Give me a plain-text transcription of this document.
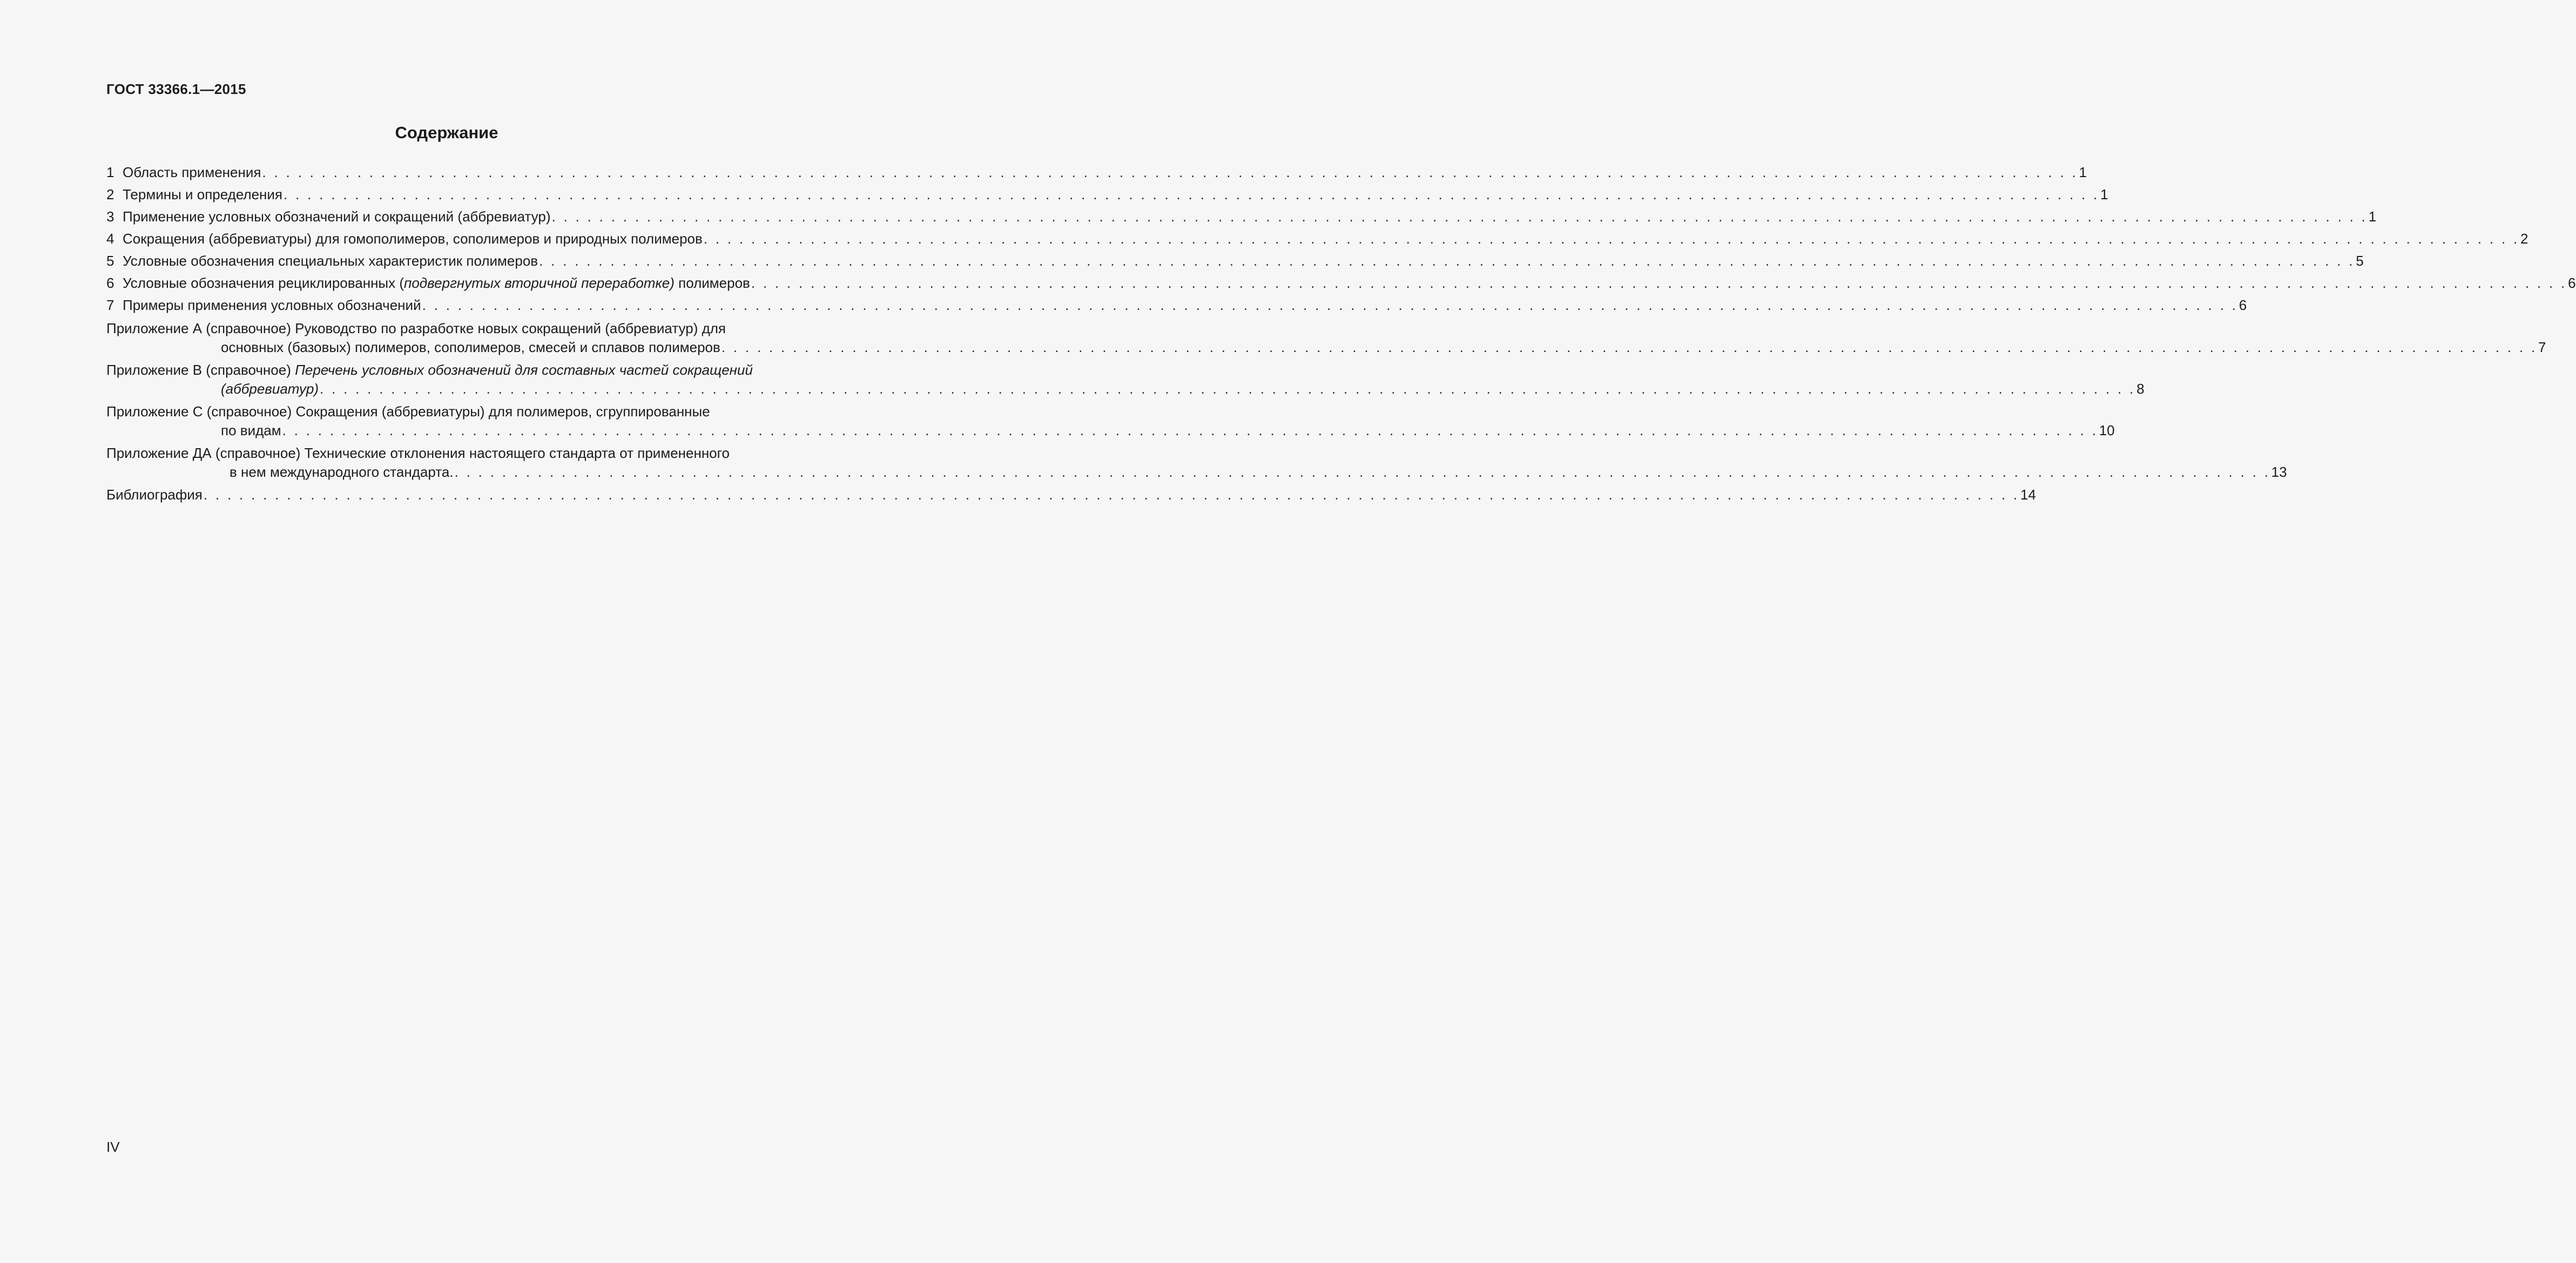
ГОСТ 33366.1—2015
Содержание
1 Область применения . . . . . . . . . . . . . . . . . . . . . . . . . . . . . . . . . . . . . . . . . . . . . . . . . . . . . . . . . . . . . . . . . . . . . . . . . . . . . . . . . . . . . . . . . . . . . . . . . . . . . . . . . . . . . . . . . . . . . . . . . . . . . . . . . . . . . . . . . . . . . . . . . . . . . . . . . 1
2 Термины и определения . . . . . . . . . . . . . . . . . . . . . . . . . . . . . . . . . . . . . . . . . . . . . . . . . . . . . . . . . . . . . . . . . . . . . . . . . . . . . . . . . . . . . . . . . . . . . . . . . . . . . . . . . . . . . . . . . . . . . . . . . . . . . . . . . . . . . . . . . . . . . . . . . . . . . . . . . 1
3 Применение условных обозначений и сокращений (аббревиатур) . . . . . . . . . . . . . . . . . . . . . . . . . . . . . . . . . . . . . . . . . . . . . . . . . . . . . . . . . . . . . . . . . . . . . . . . . . . . . . . . . . . . . . . . . . . . . . . . . . . . . . . . . . . . . . . . . . . . . . . . . . . . . . . . . . . . . . . . . . . . . . . . . . . . . . . . . 1
4 Сокращения (аббревиатуры) для гомополимеров, сополимеров и природных полимеров . . . . . . . . . . . . . . . . . . . . . . . . . . . . . . . . . . . . . . . . . . . . . . . . . . . . . . . . . . . . . . . . . . . . . . . . . . . . . . . . . . . . . . . . . . . . . . . . . . . . . . . . . . . . . . . . . . . . . . . . . . . . . . . . . . . . . . . . . . . . . . . . . . . . . . . . . 2
5 Условные обозначения специальных характеристик полимеров . . . . . . . . . . . . . . . . . . . . . . . . . . . . . . . . . . . . . . . . . . . . . . . . . . . . . . . . . . . . . . . . . . . . . . . . . . . . . . . . . . . . . . . . . . . . . . . . . . . . . . . . . . . . . . . . . . . . . . . . . . . . . . . . . . . . . . . . . . . . . . . . . . . . . . . . . 5
6 Условные обозначения рециклированных (подвергнутых вторичной переработке) полимеров . . . . . . . . . . . . . . . . . . . . . . . . . . . . . . . . . . . . . . . . . . . . . . . . . . . . . . . . . . . . . . . . . . . . . . . . . . . . . . . . . . . . . . . . . . . . . . . . . . . . . . . . . . . . . . . . . . . . . . . . . . . . . . . . . . . . . . . . . . . . . . . . . . . . . . . . . 6
7 Примеры применения условных обозначений . . . . . . . . . . . . . . . . . . . . . . . . . . . . . . . . . . . . . . . . . . . . . . . . . . . . . . . . . . . . . . . . . . . . . . . . . . . . . . . . . . . . . . . . . . . . . . . . . . . . . . . . . . . . . . . . . . . . . . . . . . . . . . . . . . . . . . . . . . . . . . . . . . . . . . . . . 6
Приложение А (справочное) Руководство по разработке новых сокращений (аббревиатур) для
основных (базовых) полимеров, сополимеров, смесей и сплавов полимеров . . . . . . . . . . . . . . . . . . . . . . . . . . . . . . . . . . . . . . . . . . . . . . . . . . . . . . . . . . . . . . . . . . . . . . . . . . . . . . . . . . . . . . . . . . . . . . . . . . . . . . . . . . . . . . . . . . . . . . . . . . . . . . . . . . . . . . . . . . . . . . . . . . . . . . . . . 7
Приложение В (справочное) Перечень условных обозначений для составных частей сокращений
(аббревиатур) . . . . . . . . . . . . . . . . . . . . . . . . . . . . . . . . . . . . . . . . . . . . . . . . . . . . . . . . . . . . . . . . . . . . . . . . . . . . . . . . . . . . . . . . . . . . . . . . . . . . . . . . . . . . . . . . . . . . . . . . . . . . . . . . . . . . . . . . . . . . . . . . . . . . . . . . . 8
Приложение С (справочное) Сокращения (аббревиатуры) для полимеров, сгруппированные
по видам . . . . . . . . . . . . . . . . . . . . . . . . . . . . . . . . . . . . . . . . . . . . . . . . . . . . . . . . . . . . . . . . . . . . . . . . . . . . . . . . . . . . . . . . . . . . . . . . . . . . . . . . . . . . . . . . . . . . . . . . . . . . . . . . . . . . . . . . . . . . . . . . . . . . . . . . . 10
Приложение ДА (справочное) Технические отклонения настоящего стандарта от примененного
в нем международного стандарта. . . . . . . . . . . . . . . . . . . . . . . . . . . . . . . . . . . . . . . . . . . . . . . . . . . . . . . . . . . . . . . . . . . . . . . . . . . . . . . . . . . . . . . . . . . . . . . . . . . . . . . . . . . . . . . . . . . . . . . . . . . . . . . . . . . . . . . . . . . . . . . . . . . . . . . . . . 13
Библиография . . . . . . . . . . . . . . . . . . . . . . . . . . . . . . . . . . . . . . . . . . . . . . . . . . . . . . . . . . . . . . . . . . . . . . . . . . . . . . . . . . . . . . . . . . . . . . . . . . . . . . . . . . . . . . . . . . . . . . . . . . . . . . . . . . . . . . . . . . . . . . . . . . . . . . . . . 14
IV
